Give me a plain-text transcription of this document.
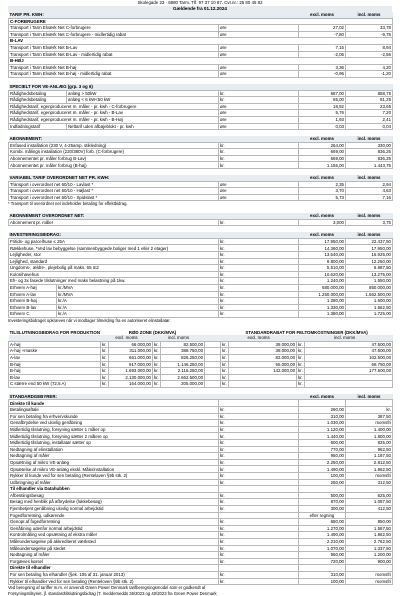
Skolegade 23 · 6880 Tarm. Tlf. 97 37 10 87. Cvr.nr.: 25 80 45 82
Gældende fra 01.12.2024
TARIF PR. KWH:		excl. moms	incl. moms
C-FORBRUGERE			
Transport i Tarm Elværk Net C-forbrugere	øre	27,02	33,78
Transport i Tarm Elværk Net C-forbrugere - midlertidig rabat	øre	-7,80	-9,75
B-LAV			
Transport i Tarm Elværk Net B-Lav	øre	7,15	8,94
Transport i Tarm Elværk Net B-Lav - midlertidig rabat	øre	-2,05	-2,56
B-HØJ			
Transport i Tarm Elværk Net B-høj	øre	3,36	4,20
Transport i Tarm Elværk Net B-høj - midlertidig rabat	øre	-0,96	-1,20
SPECIELT FOR VE-ANLÆG (grp. 3 og 6)				
Rådighedsbetaling	anlæg > 50kW	kr.	687,00	858,75
Rådighedsbetaling	anlæg < 6 kW<50 kW	kr.	65,00	81,25
Rådighedstarif, egenproduceret m. måler - pr. kwh - C-forbrugere		øre	18,92	23,65
Rådighedstarif, egenproduceret m. måler - pr. kwh - B-Lav		øre	5,76	7,20
Rådighedstarif, egenproduceret m. måler - pr. kwh - B-Høj		øre	1,93	2,41
Indfødningstarif	Nettarif uden afbøjeblokt - pr. kwh	øre	0,03	0,04
ABONNEMENT:		excl. moms	incl. moms
Enfased installation (230 V, 4-25amp. stikledning)	kr.	264,00	330,00
Kombi. målings installation (220/380V) forb. (C-forbrugere)	kr.	669,00	836,25
Abonnementet pr. måler forbrug B-Lav)	kr.	669,00	836,25
Abonnementet pr. måler forbrug (B-høj)	kr.	1.155,00	1.443,75
VARIABEL TARIF OVERORDNET NET PR. KWH:		excl. moms	incl. moms
Transport i overordnet net 60/10 - Lavlast *	øre	2,35	2,94
Transport i overordnet net 60/10 - Højlast *	øre	3,70	4,63
Transport i overordnet net 60/10 - Spidslast *	øre	5,73	7,16
* Transport til overordnet net indeholder betaling for effektbidrag.
ABONNEMENT OVERORDNET NET:		excl. moms	incl. moms
Abonnement pr. måler	kr.	3,000	3,75
INVESTERINGSBIDRAG:			excl. moms	incl. moms
Fritids- og parcelhuse ≤ 25A		kr.	17.950,00	22.437,50
Rækkehuse, *Ved lav bebyggelse (sammenbyggede boliger med 1 eller 2 etager)		kr.	14.360,00	17.950,00
Lejligheder, stor		kr.	13.540,00	16.925,00
Lejlighed, standard		kr.	9.800,00	12.250,00
Ungdoms-, ældre-, plejebolig på maks. 65 m2		kr.	5.510,00	6.887,50
Kolonihavehus		kr.	10.620,00	13.275,00
Eh- og 3x fasede tilslutninger med maks belastning på 1kw.		kr.	1.240,00	1.550,00
Erhverv A-høj	kr./MVA	kr.	680.000,00	850.000,00
Erhverv A-lav	kr./MVA	kr.	1.250.000,00	1.562.500,00
Erhverv B-høj	kr./A	kr.	1.280,00	1.600,00
Erhverv B-lav	kr./A	kr.	1.330,00	1.662,50
Erhverv C	kr./A	kr.	1.380,00	1.725,00
Investeringsbidraget opkræves når vi modtager tilmelding fra en autoriseret elinstallatør.
TILSLUTNINGSBIDRAG FOR PRODUKTION	RØD ZONE (DKK/MVA)					STANDARDRABAT FOR FELTOMKOSTNINGER (DKK/MVA)			
	excl. moms		incl. moms			excl. moms		incl. moms	
A-høj	kr.	66.000,00	kr.	82.500,00		kr.	38.000,00	kr.	47.500,00
A-høj +maske	kr.	311.000,00	kr.	388.750,00		kr.	38.000,00	kr.	47.500,00
A-lav	kr.	661.000,00	kr.	826.250,00		kr.	82.000,00	kr.	102.500,00
B-høj	kr.	917.000,00	kr.	1.146.250,00		kr.	55.000,00	kr.	68.750,00
B-høj	kr.	1.693.000,00	kr.	2.116.250,00		kr.	142.000,00	kr.	177.500,00
B-lav	kr.	2.130.000,00	kr.	2.662.500,00		kr.		kr.	
C stærre end 50 kW (72,5 A)	kr.	164.000,00	kr.	205.000,00		kr.		kr.	
STANDARDGEBYRER:		excl. moms	incl. moms
Direkte til kunde			
Betalingsaftale	kr.	260,00	kr.
For sen betaling fra erhvervskunde	kr.	310,00	387,50
Genafbrydelse ved ulovlig genåbning	kr.	1.030,00	momsfri
Midlertidig tilslutning, forsyning sætter 1 måler op	kr.	1.120,00	1.400,00
Midlertidig tilslutning, forsyning sætter 2 målere op	kr.	1.440,00	1.800,00
Midlertidig tilslutning, installatør sætter op	kr.	600,00	825,00
Nedtagning af elinstallation	kr.	770,00	962,50
Nedtagning af måler	kr.	950,00	1.187,50
Opsætning af mikro VE-anlæg	kr.	2.250,00	2.812,50
Opsætelse af mikro VE-anlæg ekskl. Målerinstallation	kr.	1.490,00	1.862,50
Rykker til kunde ved for sen betaling (Rentelaven §9b stk. 2)	kr.	100,00	momsfri
Udbringning af måler	kr.	250,00	312,50
Til elhandler via Datahubben			
Afbestiingsbesøg	kr.	500,00	625,00
Besøg med henblik på afbrydelse (lukkebesøg)	kr.	870,00	1.087,50
Fjernbetjent genåbning ulovlig normal arbejdstid	kr.	300,00	412,50
Fogedforretning, udkørende		efter regning	
Genopr.af fogedforretning	kr.	680,00	850,00
Genåbning udenfor normal arbejdstid	kr.	1.270,00	1.587,50
Kontrolmåling ved opsætning af ekstra måler	kr.	1.490,00	1.862,50
Måleundersøgelse på akkrediteret værksted	kr.	2.210,00	2.762,50
Måleundersøgelse på stedet	kr.	1.070,00	1.337,50
Nedtagning af måler	kr.	960,00	1.200,00
Forgæves kørsel	kr.	720,00	900,00
Direkte til elhandler			
For sen betaling fra elhandler (§ek. 105 af 31. januar 2013)	kr.	310,00	momsfri
Rykker til elhandler ved for sen betaling (Renteloven §9b stk. 2)	kr.	100,00	momsfri
Ved beregning af tariffer m.m. er anvendt Green Power Denmark tarifberegningsmodel som er godkendt af
Forsyningstilsynet, jf. standardtilslutningsbidrag (T. meddemedds 36/2023 og 40/2023 fra Green Power Denmark
